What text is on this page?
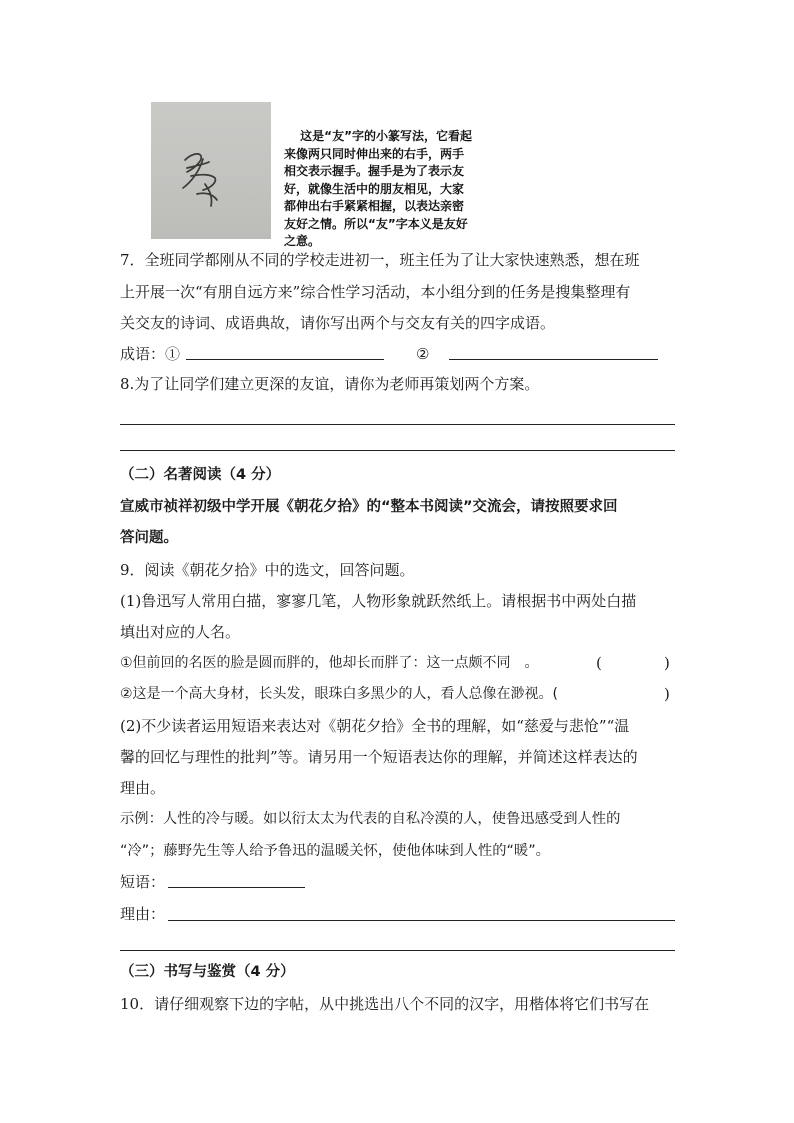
　 这是“友”字的小篆写法，它看起
来像两只同时伸出来的右手，两手
相交表示握手。握手是为了表示友
好，就像生活中的朋友相见，大家
都伸出右手紧紧相握，以表达亲密
友好之情。所以“友”字本义是友好
之意。
7．全班同学都刚从不同的学校走进初一，班主任为了让大家快速熟悉，想在班
上开展一次“有朋自远方来”综合性学习活动，本小组分到的任务是搜集整理有
关交友的诗词、成语典故，请你写出两个与交友有关的四字成语。
成语：①	②
8.为了让同学们建立更深的友谊，请你为老师再策划两个方案。
（二）名著阅读（4 分）
宣威市祯祥初级中学开展《朝花夕拾》的“整本书阅读”交流会，请按照要求回
答问题。
9．阅读《朝花夕拾》中的选文，回答问题。
(1)鲁迅写人常用白描，寥寥几笔，人物形象就跃然纸上。请根据书中两处白描
填出对应的人名。
①但前回的名医的脸是圆而胖的，他却长而胖了：这一点颇不同　。	(	)
②这是一个高大身材，长头发，眼珠白多黑少的人，看人总像在渺视。(	)
(2)不少读者运用短语来表达对《朝花夕拾》全书的理解，如“慈爱与悲怆”“温
馨的回忆与理性的批判”等。请另用一个短语表达你的理解，并简述这样表达的
理由。
示例：人性的冷与暖。如以衍太太为代表的自私冷漠的人，使鲁迅感受到人性的
“冷”；藤野先生等人给予鲁迅的温暖关怀，使他体味到人性的“暖”。
短语：
理由：
（三）书写与鉴赏（4 分）
10．请仔细观察下边的字帖，从中挑选出八个不同的汉字，用楷体将它们书写在
